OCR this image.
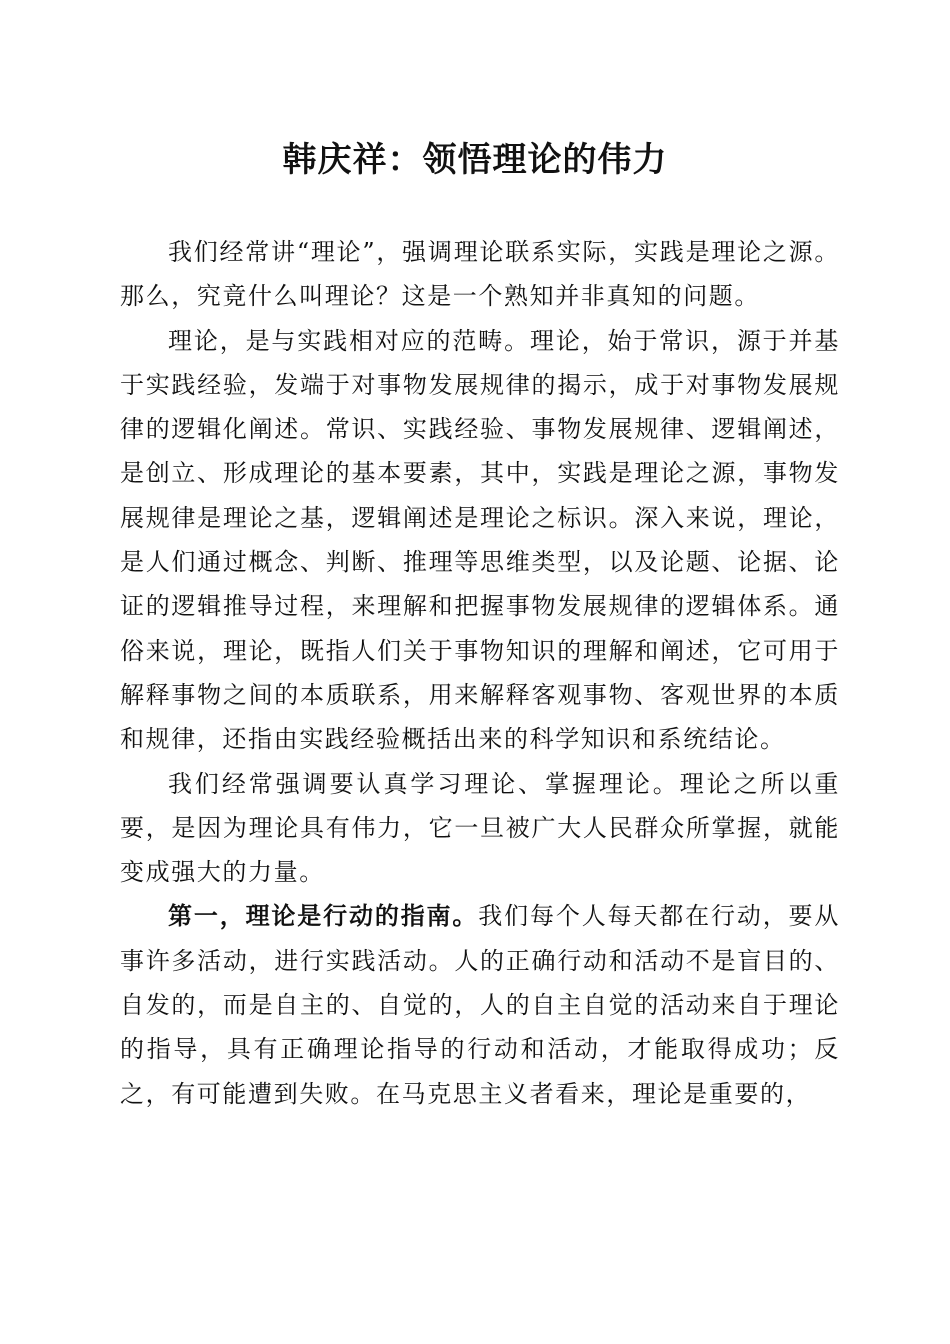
韩庆祥：领悟理论的伟力

我们经常讲“理论”，强调理论联系实际，实践是理论之源。那么，究竟什么叫理论？这是一个熟知并非真知的问题。

理论，是与实践相对应的范畴。理论，始于常识，源于并基于实践经验，发端于对事物发展规律的揭示，成于对事物发展规律的逻辑化阐述。常识、实践经验、事物发展规律、逻辑阐述，是创立、形成理论的基本要素，其中，实践是理论之源，事物发展规律是理论之基，逻辑阐述是理论之标识。深入来说，理论，是人们通过概念、判断、推理等思维类型，以及论题、论据、论证的逻辑推导过程，来理解和把握事物发展规律的逻辑体系。通俗来说，理论，既指人们关于事物知识的理解和阐述，它可用于解释事物之间的本质联系，用来解释客观事物、客观世界的本质和规律，还指由实践经验概括出来的科学知识和系统结论。

我们经常强调要认真学习理论、掌握理论。理论之所以重要，是因为理论具有伟力，它一旦被广大人民群众所掌握，就能变成强大的力量。

第一，理论是行动的指南。我们每个人每天都在行动，要从事许多活动，进行实践活动。人的正确行动和活动不是盲目的、自发的，而是自主的、自觉的，人的自主自觉的活动来自于理论的指导，具有正确理论指导的行动和活动，才能取得成功；反之，有可能遭到失败。在马克思主义者看来，理论是重要的，
